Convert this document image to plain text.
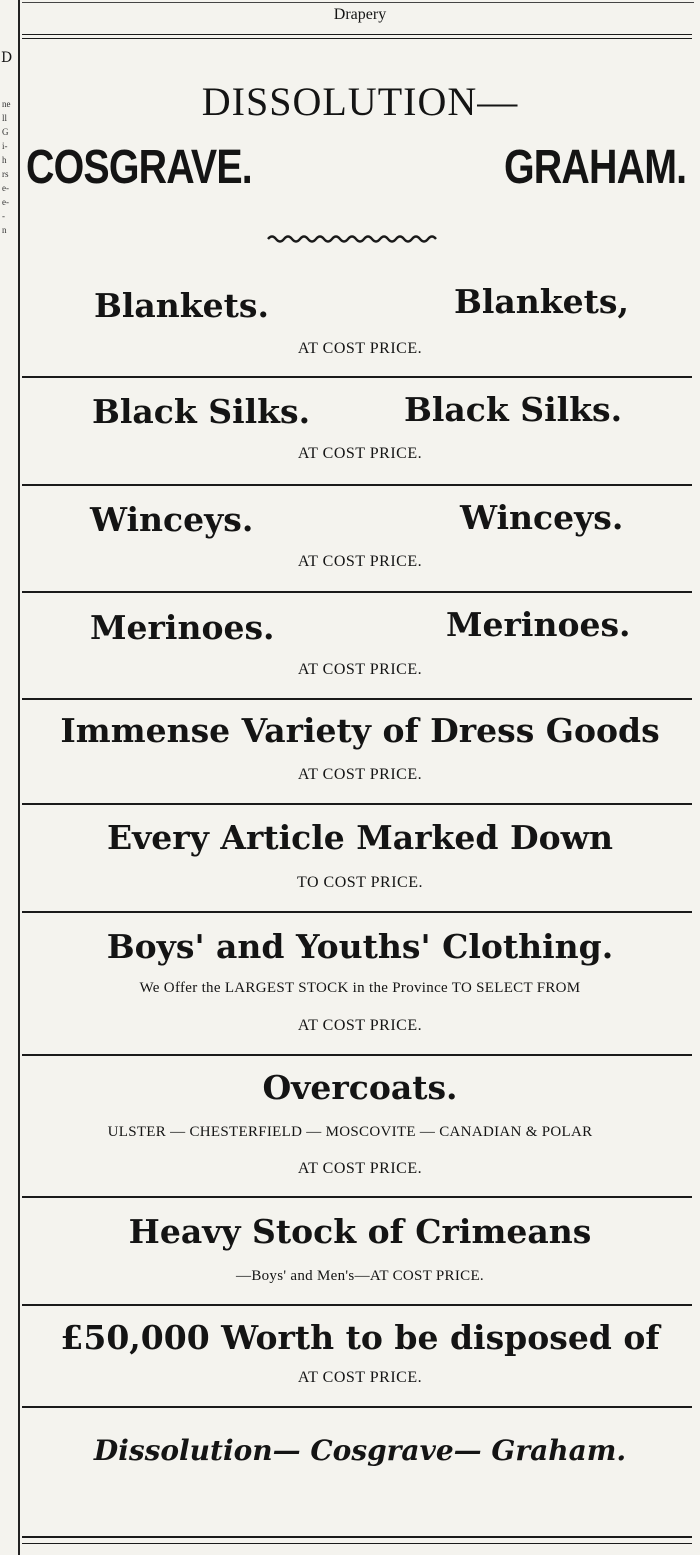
D
ne
ll
G
i-
h
rs
e-
e-
-
n
Drapery
DISSOLUTION—
COSGRAVE.	GRAHAM.
Blankets.	Blankets,
AT COST PRICE.
Black Silks.	Black Silks.
AT COST PRICE.
Winceys.	Winceys.
AT COST PRICE.
Merinoes.	Merinoes.
AT COST PRICE.
Immense Variety of Dress Goods
AT COST PRICE.
Every Article Marked Down
TO COST PRICE.
Boys' and Youths' Clothing.
We Offer the LARGEST STOCK in the Province TO SELECT FROM
AT COST PRICE.
Overcoats.
ULSTER — CHESTERFIELD — MOSCOVITE — CANADIAN & POLAR
AT COST PRICE.
Heavy Stock of Crimeans
—Boys' and Men's—AT COST PRICE.
£50,000 Worth to be disposed of
AT COST PRICE.
Dissolution— Cosgrave— Graham.
